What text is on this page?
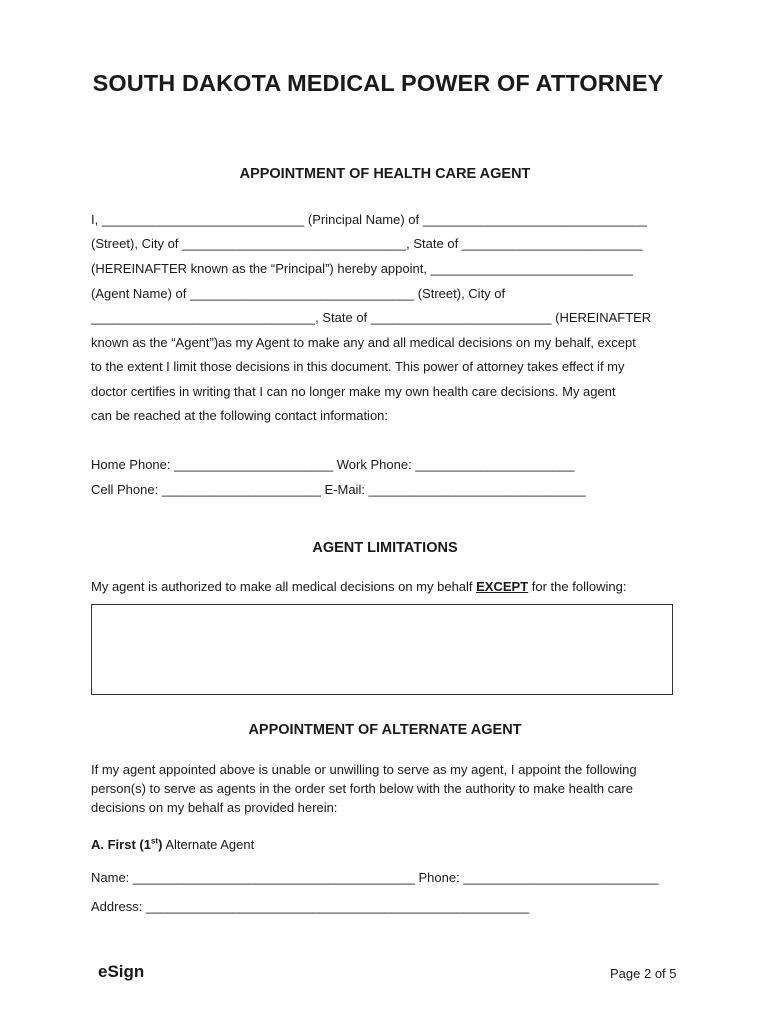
SOUTH DAKOTA MEDICAL POWER OF ATTORNEY
APPOINTMENT OF HEALTH CARE AGENT

I, ____________________________ (Principal Name) of _______________________________

(Street), City of _______________________________, State of _________________________

(HEREINAFTER known as the “Principal”) hereby appoint, ____________________________

(Agent Name) of _______________________________ (Street), City of

_______________________________, State of _________________________ (HEREINAFTER

known as the “Agent”)as my Agent to make any and all medical decisions on my behalf, except

to the extent I limit those decisions in this document. This power of attorney takes effect if my

doctor certifies in writing that I can no longer make my own health care decisions. My agent

can be reached at the following contact information:

Home Phone: ______________________ Work Phone: ______________________

Cell Phone: ______________________ E-Mail: ______________________________

AGENT LIMITATIONS

My agent is authorized to make all medical decisions on my behalf EXCEPT for the following:

APPOINTMENT OF ALTERNATE AGENT

If my agent appointed above is unable or unwilling to serve as my agent, I appoint the following

person(s) to serve as agents in the order set forth below with the authority to make health care

decisions on my behalf as provided herein:

A. First (1st) Alternate Agent

Name: _______________________________________ Phone: ___________________________

Address: _____________________________________________________

eSign	Page 2 of 5
